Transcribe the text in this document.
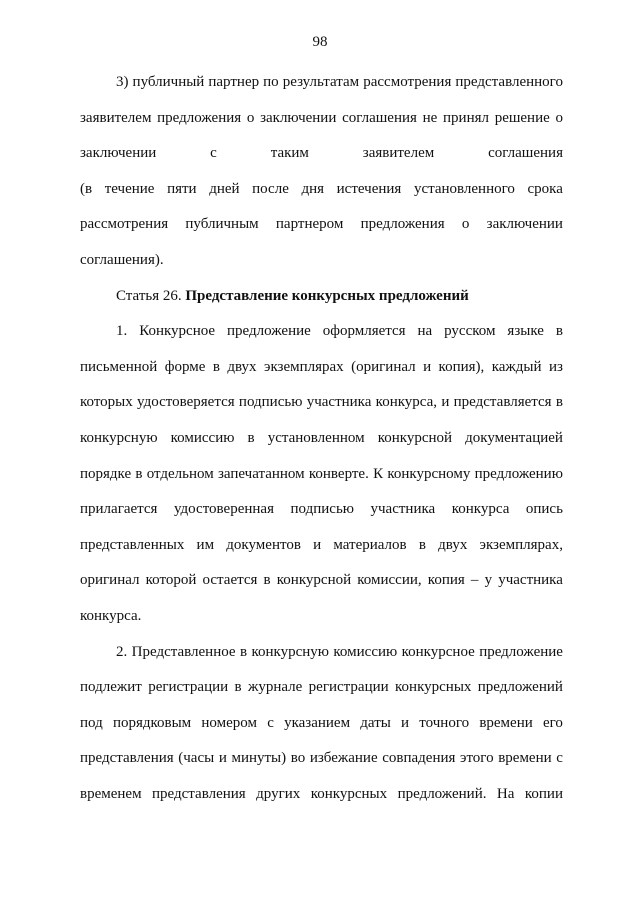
98
3) публичный партнер по результатам рассмотрения представленного
заявителем предложения о заключении соглашения не принял решение о
заключении	с	таким	заявителем	соглашения
(в течение пяти дней после дня истечения установленного срока
рассмотрения публичным партнером предложения о заключении
соглашения).
Статья 26. Представление конкурсных предложений
1. Конкурсное предложение оформляется на русском языке в
письменной форме в двух экземплярах (оригинал и копия), каждый из
которых удостоверяется подписью участника конкурса, и представляется в
конкурсную комиссию в установленном конкурсной документацией
порядке в отдельном запечатанном конверте. К конкурсному предложению
прилагается удостоверенная подписью участника конкурса опись
представленных им документов и материалов в двух экземплярах,
оригинал которой остается в конкурсной комиссии, копия – у участника
конкурса.
2. Представленное в конкурсную комиссию конкурсное предложение
подлежит регистрации в журнале регистрации конкурсных предложений
под порядковым номером с указанием даты и точного времени его
представления (часы и минуты) во избежание совпадения этого времени с
временем представления других конкурсных предложений. На копии
